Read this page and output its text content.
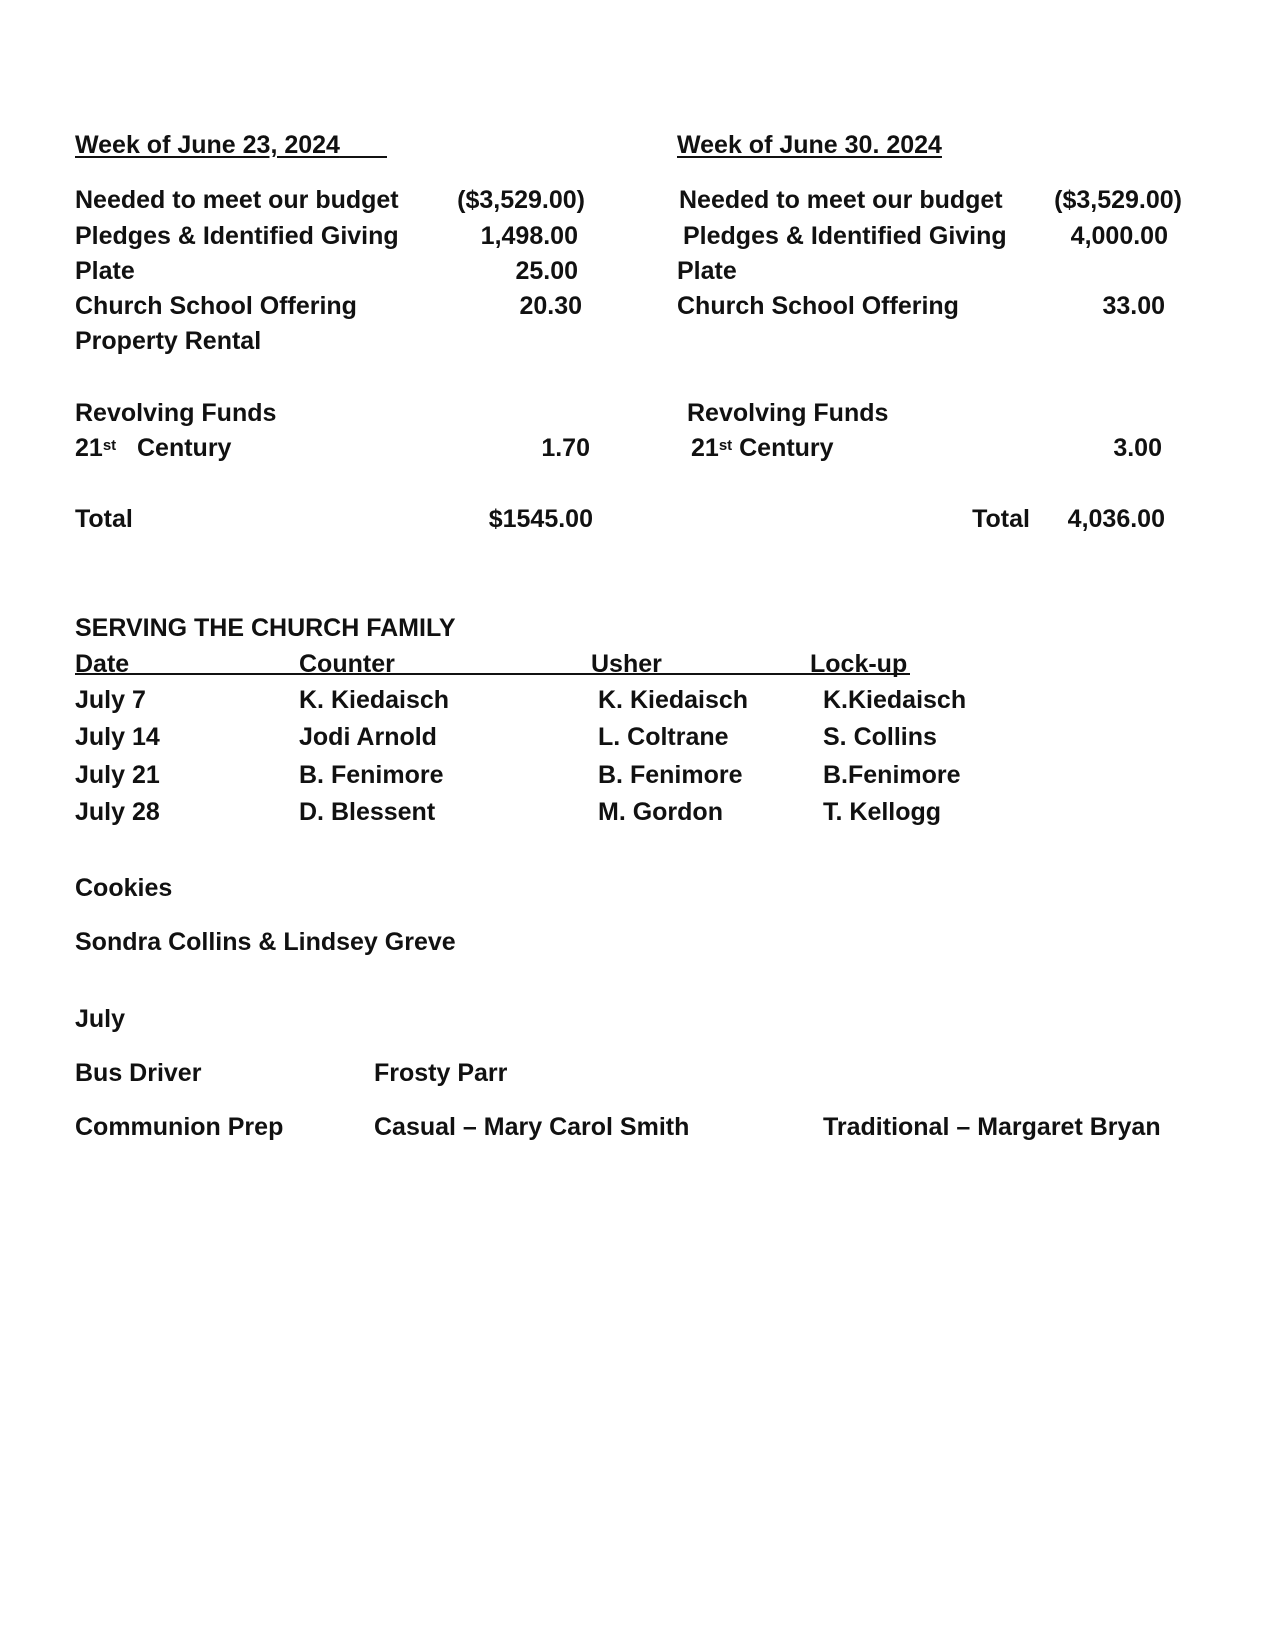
Week of June 23, 2024
Needed to meet our budget	($3,529.00)
Pledges & Identified Giving	1,498.00
Plate	25.00
Church School Offering	20.30
Property Rental
Revolving Funds
21st Century	1.70
Total	$1545.00
Week of June 30. 2024
Needed to meet our budget	($3,529.00)
Pledges & Identified Giving	4,000.00
Plate
Church School Offering	33.00
Revolving Funds
21st Century	3.00
Total	4,036.00
SERVING THE CHURCH FAMILY
Date	Counter	Usher	Lock-up
July 7	K. Kiedaisch	K. Kiedaisch	K.Kiedaisch
July 14	Jodi Arnold	L. Coltrane	S. Collins
July 21	B. Fenimore	B. Fenimore	B.Fenimore
July 28	D. Blessent	M. Gordon	T. Kellogg
Cookies
Sondra Collins & Lindsey Greve
July
Bus Driver	Frosty Parr
Communion Prep	Casual – Mary Carol Smith	Traditional – Margaret Bryan
